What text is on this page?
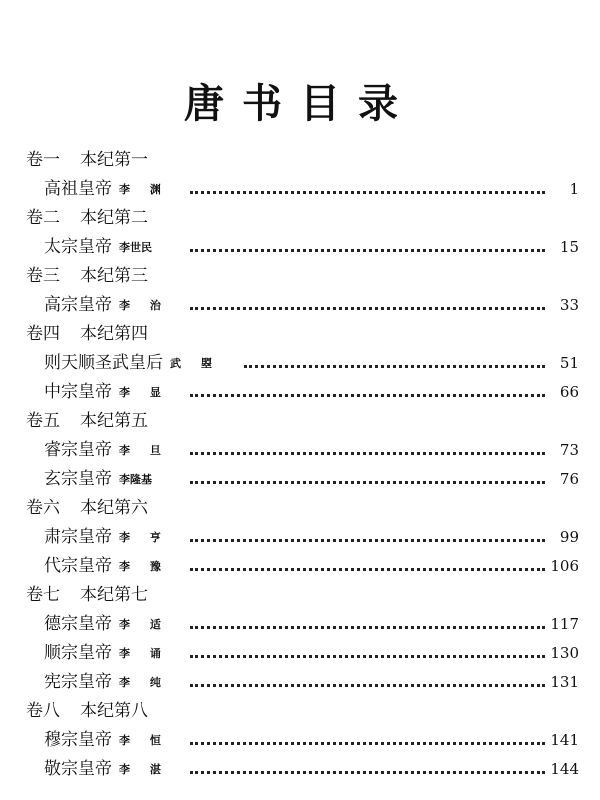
唐书目录
卷一 本纪第一
高祖皇帝 李 渊	1
卷二 本纪第二
太宗皇帝 李世民	15
卷三 本纪第三
高宗皇帝 李 治	33
卷四 本纪第四
则天顺圣武皇后 武 曌	51
中宗皇帝 李 显	66
卷五 本纪第五
睿宗皇帝 李 旦	73
玄宗皇帝 李隆基	76
卷六 本纪第六
肃宗皇帝 李 亨	99
代宗皇帝 李 豫	106
卷七 本纪第七
德宗皇帝 李 适	117
顺宗皇帝 李 诵	130
宪宗皇帝 李 纯	131
卷八 本纪第八
穆宗皇帝 李 恒	141
敬宗皇帝 李 湛	144
